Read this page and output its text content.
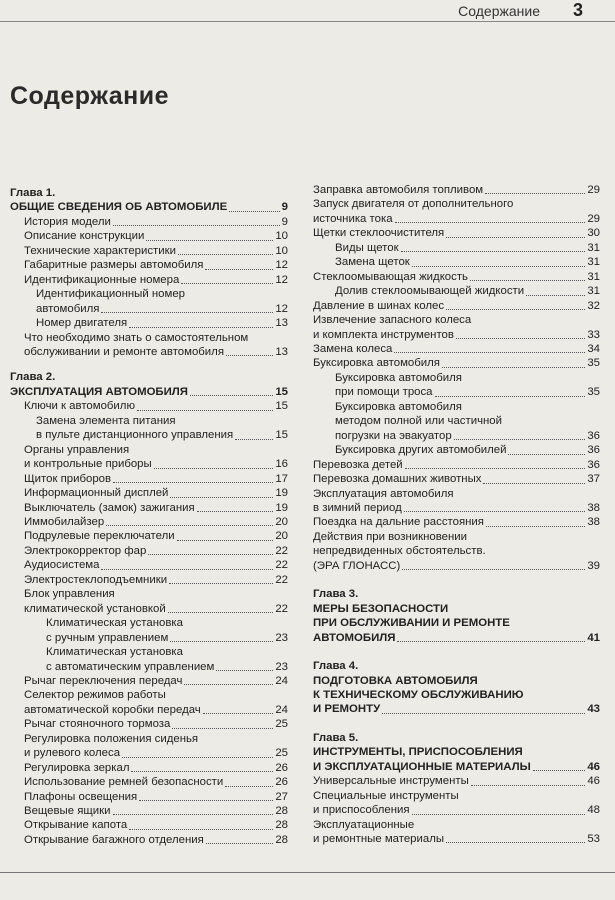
Содержание 3
Содержание
Глава 1.
ОБЩИЕ СВЕДЕНИЯ ОБ АВТОМОБИЛЕ	9
История модели	9
Описание конструкции	10
Технические характеристики	10
Габаритные размеры автомобиля	12
Идентификационные номера	12
Идентификационный номер
автомобиля	12
Номер двигателя	13
Что необходимо знать о самостоятельном
обслуживании и ремонте автомобиля	13
Глава 2.
ЭКСПЛУАТАЦИЯ АВТОМОБИЛЯ	15
Ключи к автомобилю	15
Замена элемента питания
в пульте дистанционного управления	15
Органы управления
и контрольные приборы	16
Щиток приборов	17
Информационный дисплей	19
Выключатель (замок) зажигания	19
Иммобилайзер	20
Подрулевые переключатели	20
Электрокорректор фар	22
Аудиосистема	22
Электростеклоподъемники	22
Блок управления
климатической установкой	22
Климатическая установка
с ручным управлением	23
Климатическая установка
с автоматическим управлением	23
Рычаг переключения передач	24
Селектор режимов работы
автоматической коробки передач	24
Рычаг стояночного тормоза	25
Регулировка положения сиденья
и рулевого колеса	25
Регулировка зеркал	26
Использование ремней безопасности	26
Плафоны освещения	27
Вещевые ящики	28
Открывание капота	28
Открывание багажного отделения	28
Заправка автомобиля топливом	29
Запуск двигателя от дополнительного
источника тока	29
Щетки стеклоочистителя	30
Виды щеток	31
Замена щеток	31
Стеклоомывающая жидкость	31
Долив стеклоомывающей жидкости	31
Давление в шинах колес	32
Извлечение запасного колеса
и комплекта инструментов	33
Замена колеса	34
Буксировка автомобиля	35
Буксировка автомобиля
при помощи троса	35
Буксировка автомобиля
методом полной или частичной
погрузки на эвакуатор	36
Буксировка других автомобилей	36
Перевозка детей	36
Перевозка домашних животных	37
Эксплуатация автомобиля
в зимний период	38
Поездка на дальние расстояния	38
Действия при возникновении
непредвиденных обстоятельств.
(ЭРА ГЛОНАСС)	39
Глава 3.
МЕРЫ БЕЗОПАСНОСТИ
ПРИ ОБСЛУЖИВАНИИ И РЕМОНТЕ
АВТОМОБИЛЯ	41
Глава 4.
ПОДГОТОВКА АВТОМОБИЛЯ
К ТЕХНИЧЕСКОМУ ОБСЛУЖИВАНИЮ
И РЕМОНТУ	43
Глава 5.
ИНСТРУМЕНТЫ, ПРИСПОСОБЛЕНИЯ
И ЭКСПЛУАТАЦИОННЫЕ МАТЕРИАЛЫ	46
Универсальные инструменты	46
Специальные инструменты
и приспособления	48
Эксплуатационные
и ремонтные материалы	53
